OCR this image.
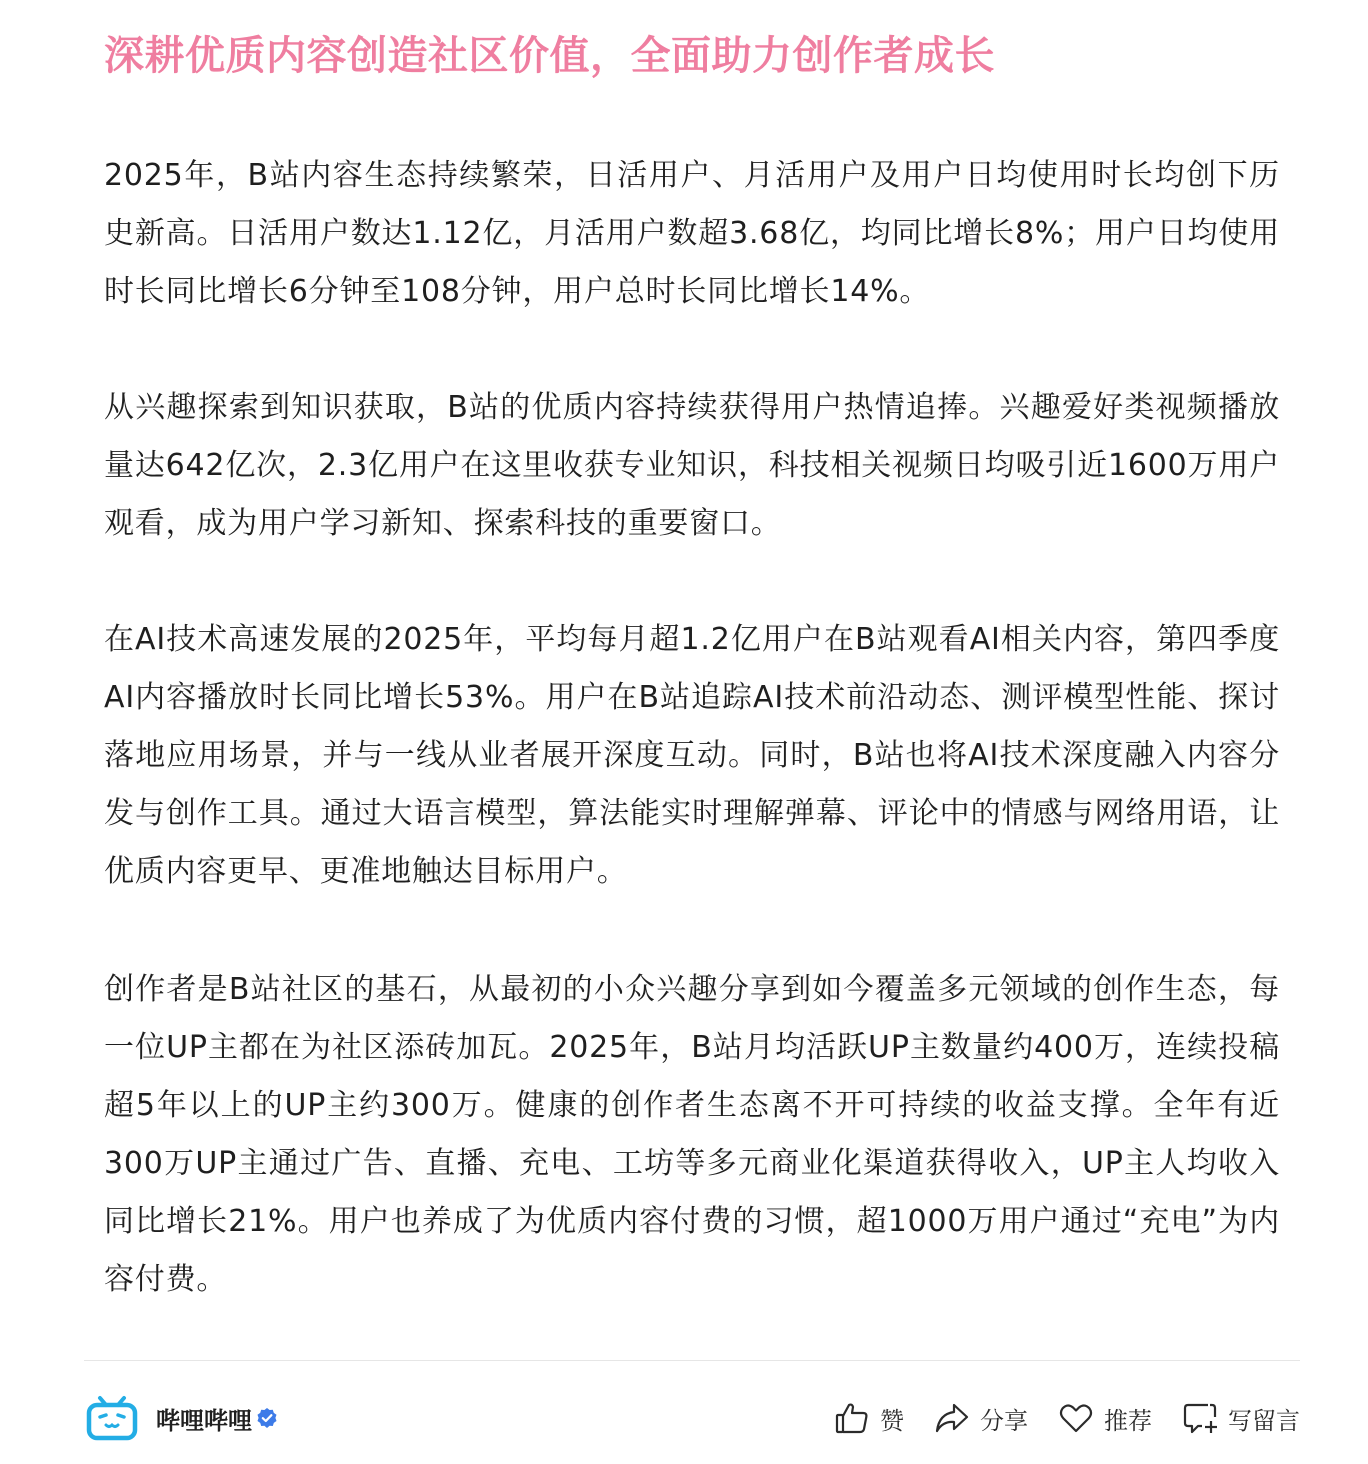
深耕优质内容创造社区价值，全面助力创作者成长

2025年，B站内容生态持续繁荣，日活用户、月活用户及用户日均使用时长均创下历史新高。日活用户数达1.12亿，月活用户数超3.68亿，均同比增长8%；用户日均使用时长同比增长6分钟至108分钟，用户总时长同比增长14%。

从兴趣探索到知识获取，B站的优质内容持续获得用户热情追捧。兴趣爱好类视频播放量达642亿次，2.3亿用户在这里收获专业知识，科技相关视频日均吸引近1600万用户观看，成为用户学习新知、探索科技的重要窗口。

在AI技术高速发展的2025年，平均每月超1.2亿用户在B站观看AI相关内容，第四季度AI内容播放时长同比增长53%。用户在B站追踪AI技术前沿动态、测评模型性能、探讨落地应用场景，并与一线从业者展开深度互动。同时，B站也将AI技术深度融入内容分发与创作工具。通过大语言模型，算法能实时理解弹幕、评论中的情感与网络用语，让优质内容更早、更准地触达目标用户。

创作者是B站社区的基石，从最初的小众兴趣分享到如今覆盖多元领域的创作生态，每一位UP主都在为社区添砖加瓦。2025年，B站月均活跃UP主数量约400万，连续投稿超5年以上的UP主约300万。健康的创作者生态离不开可持续的收益支撑。全年有近300万UP主通过广告、直播、充电、工坊等多元商业化渠道获得收入，UP主人均收入同比增长21%。用户也养成了为优质内容付费的习惯，超1000万用户通过“充电”为内容付费。

哔哩哔哩	赞	分享	推荐	写留言
